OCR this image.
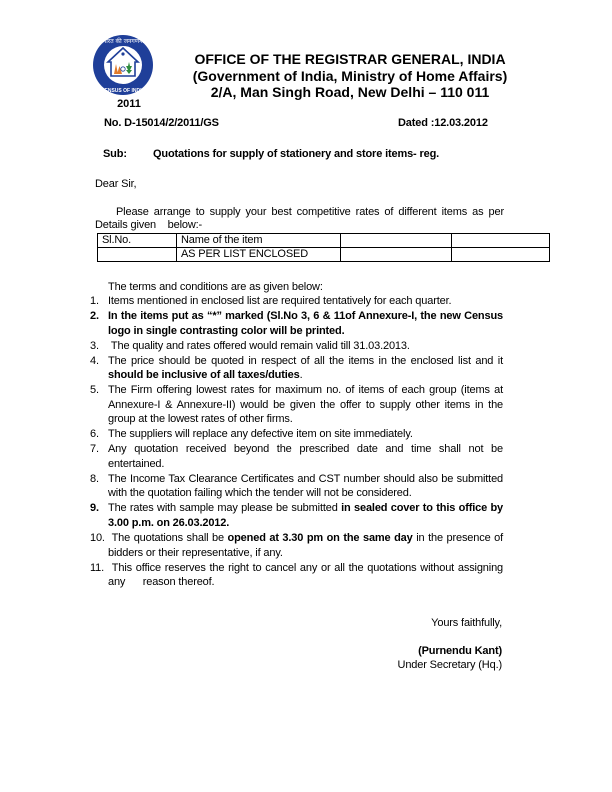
भारत की जनगणना
CENSUS OF INDIA
2011
OFFICE OF THE REGISTRAR GENERAL, INDIA
(Government of India, Ministry of Home Affairs)
2/A, Man Singh Road, New Delhi – 110 011
No. D-15014/2/2011/GS	Dated :12.03.2012
Sub: Quotations for supply of stationery and store items- reg.
Dear Sir,
Please arrange to supply your best competitive rates of different items as per
Details given    below:-
Sl.No.	Name of the item		
	AS PER LIST ENCLOSED		
The terms and conditions are as given below:
1. Items mentioned in enclosed list are required tentatively for each quarter.
2. In the items put as “*” marked (Sl.No 3, 6 & 11of Annexure-I, the new Census logo in single contrasting color will be printed.
3. The quality and rates offered would remain valid till 31.03.2013.
4. The price should be quoted in respect of all the items in the enclosed list and it should be inclusive of all taxes/duties.
5. The Firm offering lowest rates for maximum no. of items of each group (items at Annexure-I & Annexure-II) would be given the offer to supply other items in the group at the lowest rates of other firms.
6. The suppliers will replace any defective item on site immediately.
7. Any quotation received beyond the prescribed date and time shall not be entertained.
8. The Income Tax Clearance Certificates and CST number should also be submitted with the quotation failing which the tender will not be considered.
9. The rates with sample may please be submitted in sealed cover to this office by 3.00 p.m. on 26.03.2012.
10. The quotations shall be opened at 3.30 pm on the same day in the presence of bidders or their representative, if any.
11. This office reserves the right to cancel any or all the quotations without assigning any      reason thereof.
Yours faithfully,
(Purnendu Kant)
Under Secretary (Hq.)
